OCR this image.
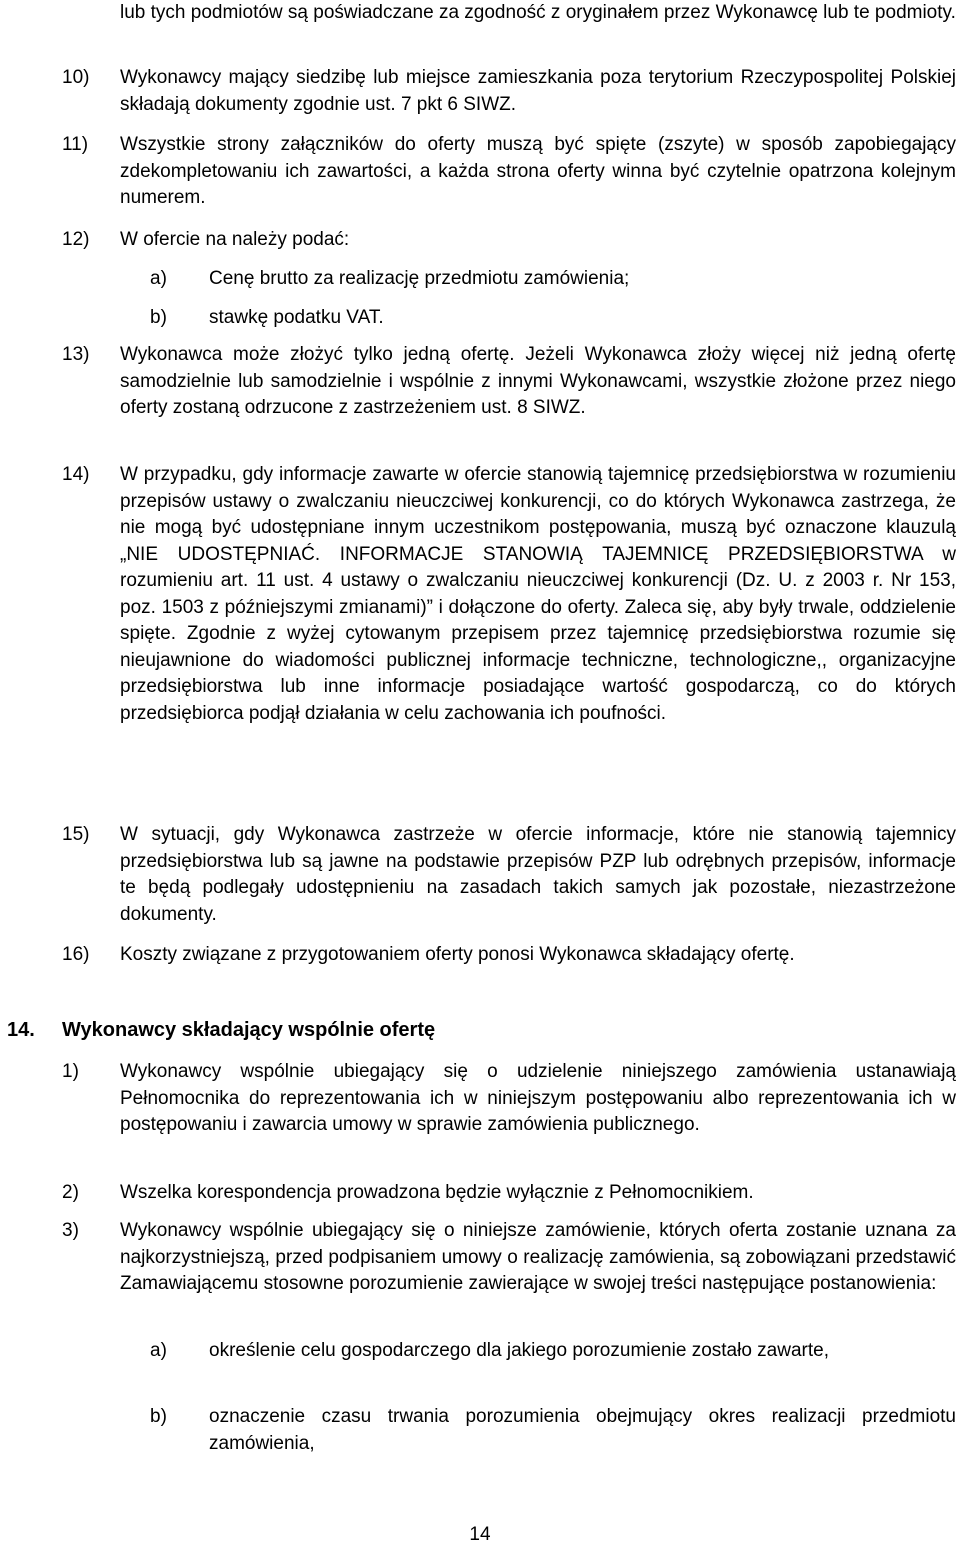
lub tych podmiotów są poświadczane za zgodność z oryginałem przez Wykonawcę lub te podmioty.
10) Wykonawcy mający siedzibę lub miejsce zamieszkania poza terytorium Rzeczypospolitej Polskiej składają dokumenty zgodnie ust. 7 pkt 6 SIWZ.
11) Wszystkie strony załączników do oferty muszą być spięte (zszyte) w sposób zapobiegający zdekompletowaniu ich zawartości, a każda strona oferty winna być czytelnie opatrzona kolejnym numerem.
12) W ofercie na należy podać:
a) Cenę brutto za realizację przedmiotu zamówienia;
b) stawkę podatku VAT.
13) Wykonawca może złożyć tylko jedną ofertę. Jeżeli Wykonawca złoży więcej niż jedną ofertę samodzielnie lub samodzielnie i wspólnie z innymi Wykonawcami, wszystkie złożone przez niego oferty zostaną odrzucone z zastrzeżeniem ust. 8 SIWZ.
14) W przypadku, gdy informacje zawarte w ofercie stanowią tajemnicę przedsiębiorstwa w rozumieniu przepisów ustawy o zwalczaniu nieuczciwej konkurencji, co do których Wykonawca zastrzega, że nie mogą być udostępniane innym uczestnikom postępowania, muszą być oznaczone klauzulą „NIE UDOSTĘPNIAĆ. INFORMACJE STANOWIĄ TAJEMNICĘ PRZEDSIĘBIORSTWA w rozumieniu art. 11 ust. 4 ustawy o zwalczaniu nieuczciwej konkurencji (Dz. U. z 2003 r. Nr 153, poz. 1503 z późniejszymi zmianami)” i dołączone do oferty. Zaleca się, aby były trwale, oddzielenie spięte. Zgodnie z wyżej cytowanym przepisem przez tajemnicę przedsiębiorstwa rozumie się nieujawnione do wiadomości publicznej informacje techniczne, technologiczne,, organizacyjne przedsiębiorstwa lub inne informacje posiadające wartość gospodarczą, co do których przedsiębiorca podjął działania w celu zachowania ich poufności.
15) W sytuacji, gdy Wykonawca zastrzeże w ofercie informacje, które nie stanowią tajemnicy przedsiębiorstwa lub są jawne na podstawie przepisów PZP lub odrębnych przepisów, informacje te będą podlegały udostępnieniu na zasadach takich samych jak pozostałe, niezastrzeżone dokumenty.
16) Koszty związane z przygotowaniem oferty ponosi Wykonawca składający ofertę.
14. Wykonawcy składający wspólnie ofertę
1) Wykonawcy wspólnie ubiegający się o udzielenie niniejszego zamówienia ustanawiają Pełnomocnika do reprezentowania ich w niniejszym postępowaniu albo reprezentowania ich w postępowaniu i zawarcia umowy w sprawie zamówienia publicznego.
2) Wszelka korespondencja prowadzona będzie wyłącznie z Pełnomocnikiem.
3) Wykonawcy wspólnie ubiegający się o niniejsze zamówienie, których oferta zostanie uznana za najkorzystniejszą, przed podpisaniem umowy o realizację zamówienia, są zobowiązani przedstawić Zamawiającemu stosowne porozumienie zawierające w swojej treści następujące postanowienia:
a) określenie celu gospodarczego dla jakiego porozumienie zostało zawarte,
b) oznaczenie czasu trwania porozumienia obejmujący okres realizacji przedmiotu zamówienia,
14
